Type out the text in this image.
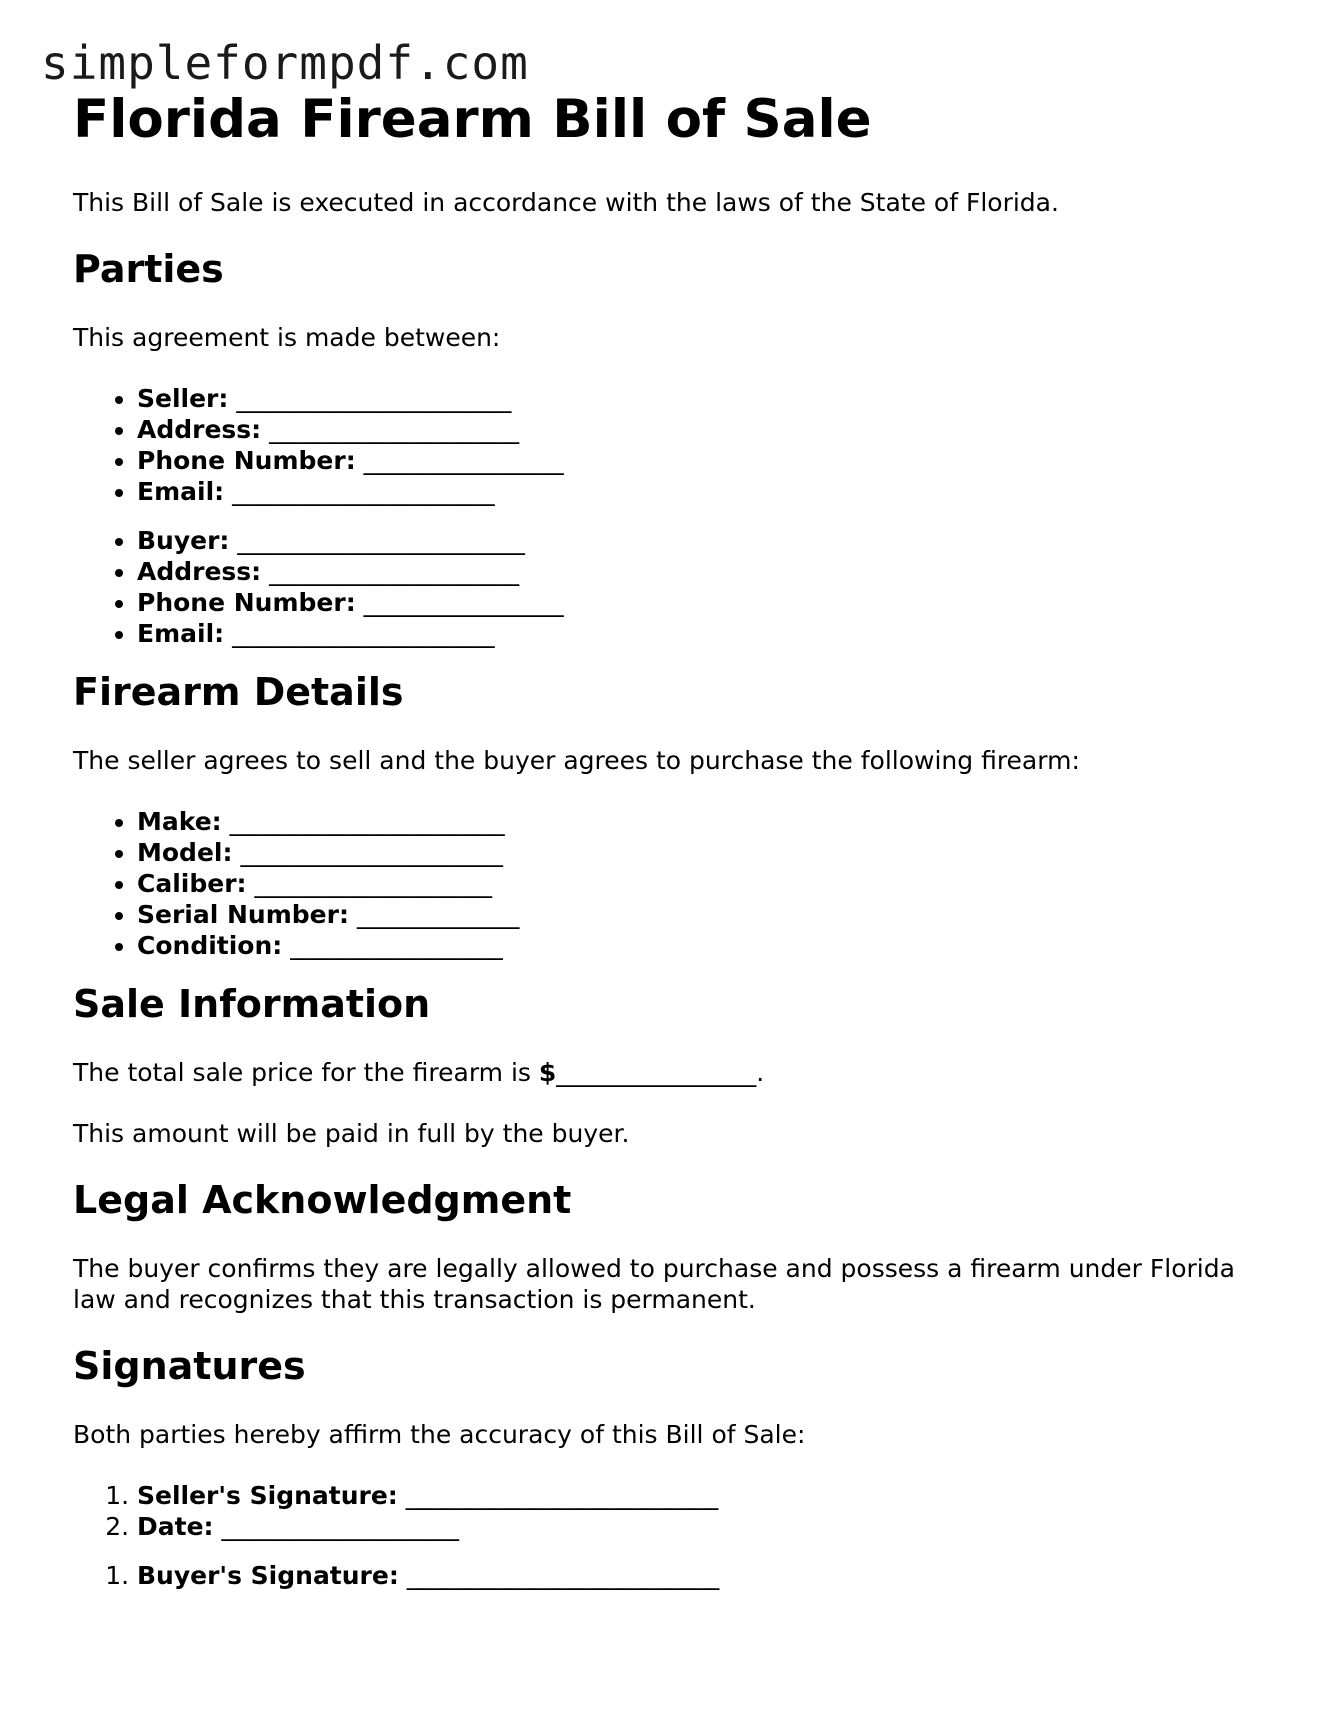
simpleformpdf.com
Florida Firearm Bill of Sale

This Bill of Sale is executed in accordance with the laws of the State of Florida.

Parties

This agreement is made between:

• Seller: ______________________
• Address: ____________________
• Phone Number: ________________
• Email: _____________________
• Buyer: _______________________
• Address: ____________________
• Phone Number: ________________
• Email: _____________________
Firearm Details

The seller agrees to sell and the buyer agrees to purchase the following firearm:

• Make: ______________________
• Model: _____________________
• Caliber: ___________________
• Serial Number: _____________
• Condition: _________________
Sale Information

The total sale price for the firearm is $________________.

This amount will be paid in full by the buyer.

Legal Acknowledgment

The buyer confirms they are legally allowed to purchase and possess a firearm under Florida law and recognizes that this transaction is permanent.

Signatures

Both parties hereby affirm the accuracy of this Bill of Sale:

1. Seller's Signature: _________________________
2. Date: ___________________
1. Buyer's Signature: _________________________
